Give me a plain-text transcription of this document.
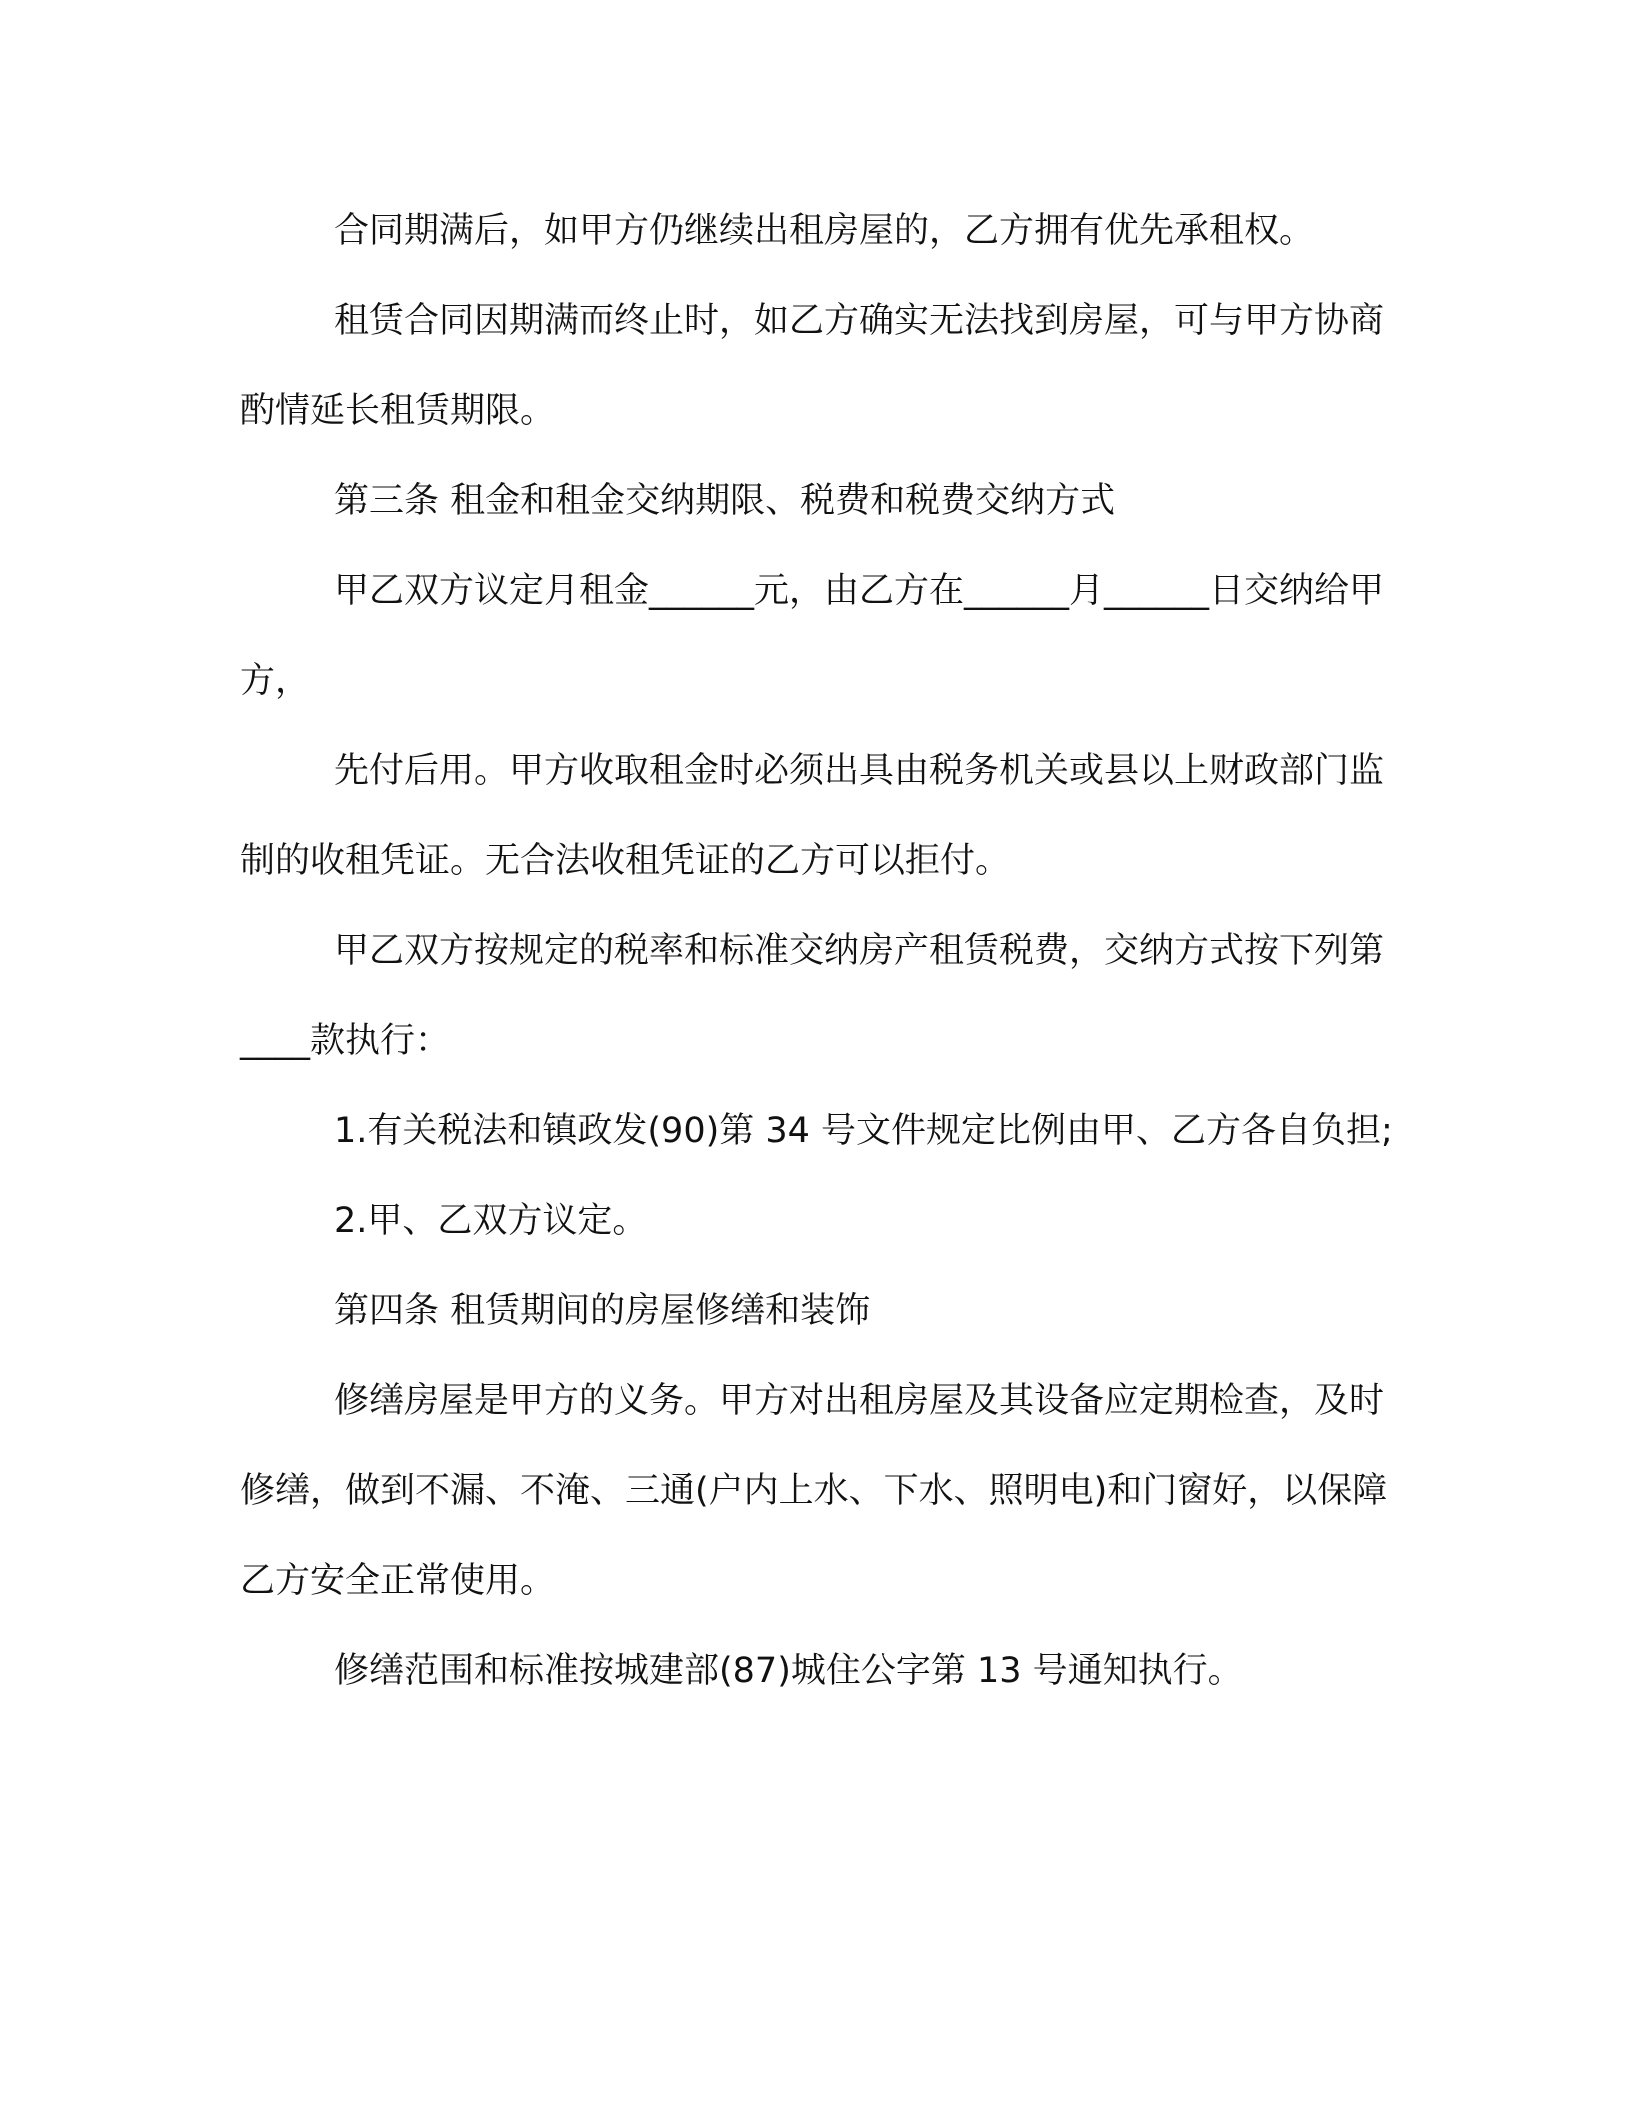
合同期满后，如甲方仍继续出租房屋的，乙方拥有优先承租权。

租赁合同因期满而终止时，如乙方确实无法找到房屋，可与甲方协商酌情延长租赁期限。

第三条 租金和租金交纳期限、税费和税费交纳方式

甲乙双方议定月租金______元，由乙方在______月______日交纳给甲方，

先付后用。甲方收取租金时必须出具由税务机关或县以上财政部门监制的收租凭证。无合法收租凭证的乙方可以拒付。

甲乙双方按规定的税率和标准交纳房产租赁税费，交纳方式按下列第____款执行：

1.有关税法和镇政发(90)第 34 号文件规定比例由甲、乙方各自负担;

2.甲、乙双方议定。

第四条 租赁期间的房屋修缮和装饰

修缮房屋是甲方的义务。甲方对出租房屋及其设备应定期检查，及时修缮，做到不漏、不淹、三通(户内上水、下水、照明电)和门窗好，以保障乙方安全正常使用。

修缮范围和标准按城建部(87)城住公字第 13 号通知执行。
